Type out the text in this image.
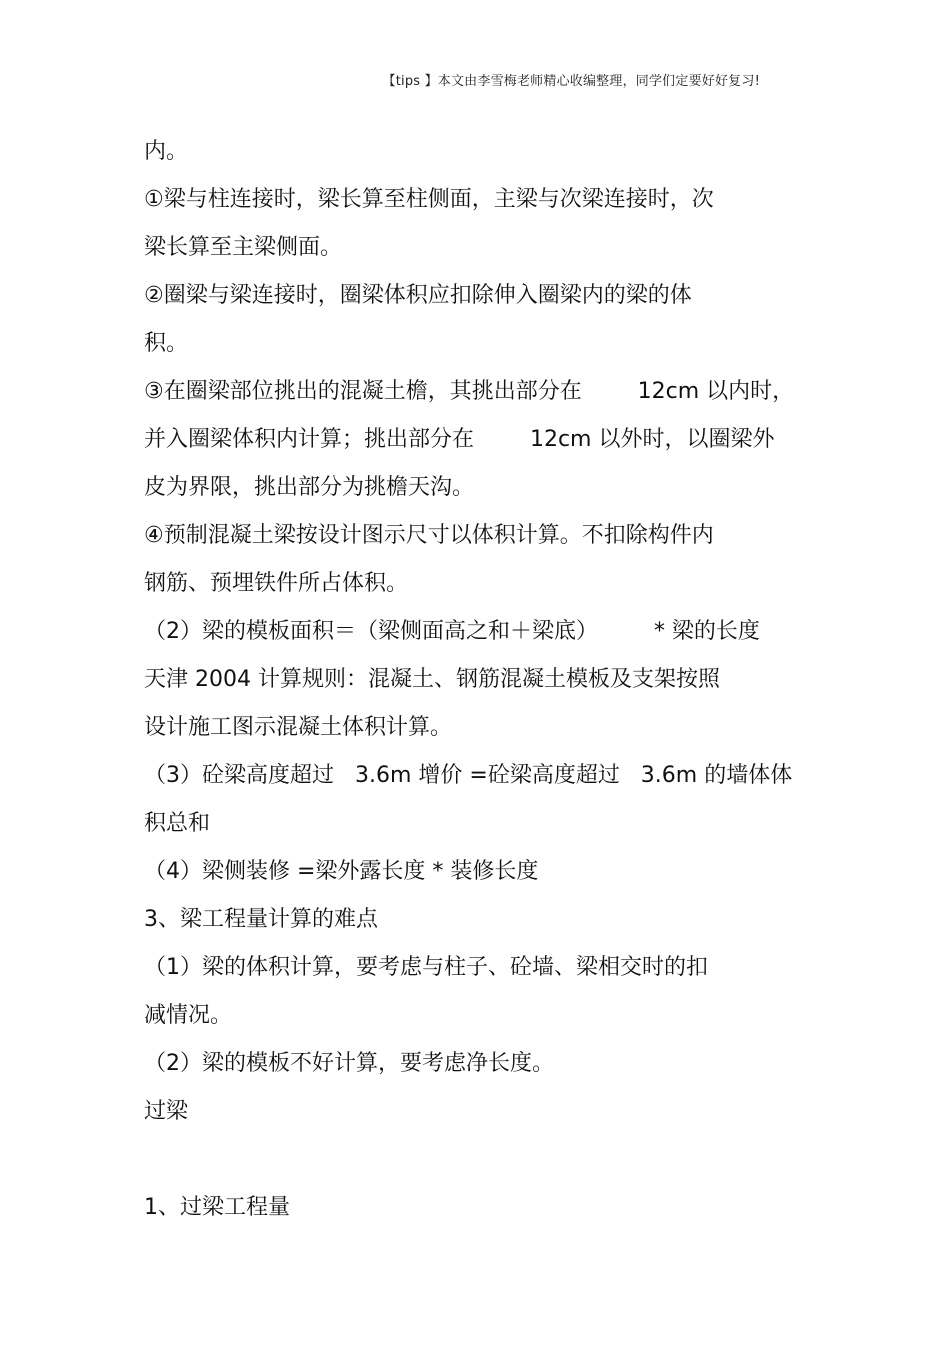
【tips 】本文由李雪梅老师精心收编整理，同学们定要好好复习!
内。
①梁与柱连接时，梁长算至柱侧面，主梁与次梁连接时，次
梁长算至主梁侧面。
②圈梁与梁连接时，圈梁体积应扣除伸入圈梁内的梁的体
积。
③在圈梁部位挑出的混凝土檐，其挑出部分在        12cm 以内时，
并入圈梁体积内计算；挑出部分在        12cm 以外时，以圈梁外
皮为界限，挑出部分为挑檐天沟。
④预制混凝土梁按设计图示尺寸以体积计算。不扣除构件内
钢筋、预埋铁件所占体积。
（2）梁的模板面积＝（梁侧面高之和＋梁底）        * 梁的长度
天津 2004 计算规则：混凝土、钢筋混凝土模板及支架按照
设计施工图示混凝土体积计算。
（3）砼梁高度超过   3.6m 增价 =砼梁高度超过   3.6m 的墙体体
积总和
（4）梁侧装修 =梁外露长度 * 装修长度
3、梁工程量计算的难点
（1）梁的体积计算，要考虑与柱子、砼墙、梁相交时的扣
减情况。
（2）梁的模板不好计算，要考虑净长度。
过梁
1、过梁工程量
